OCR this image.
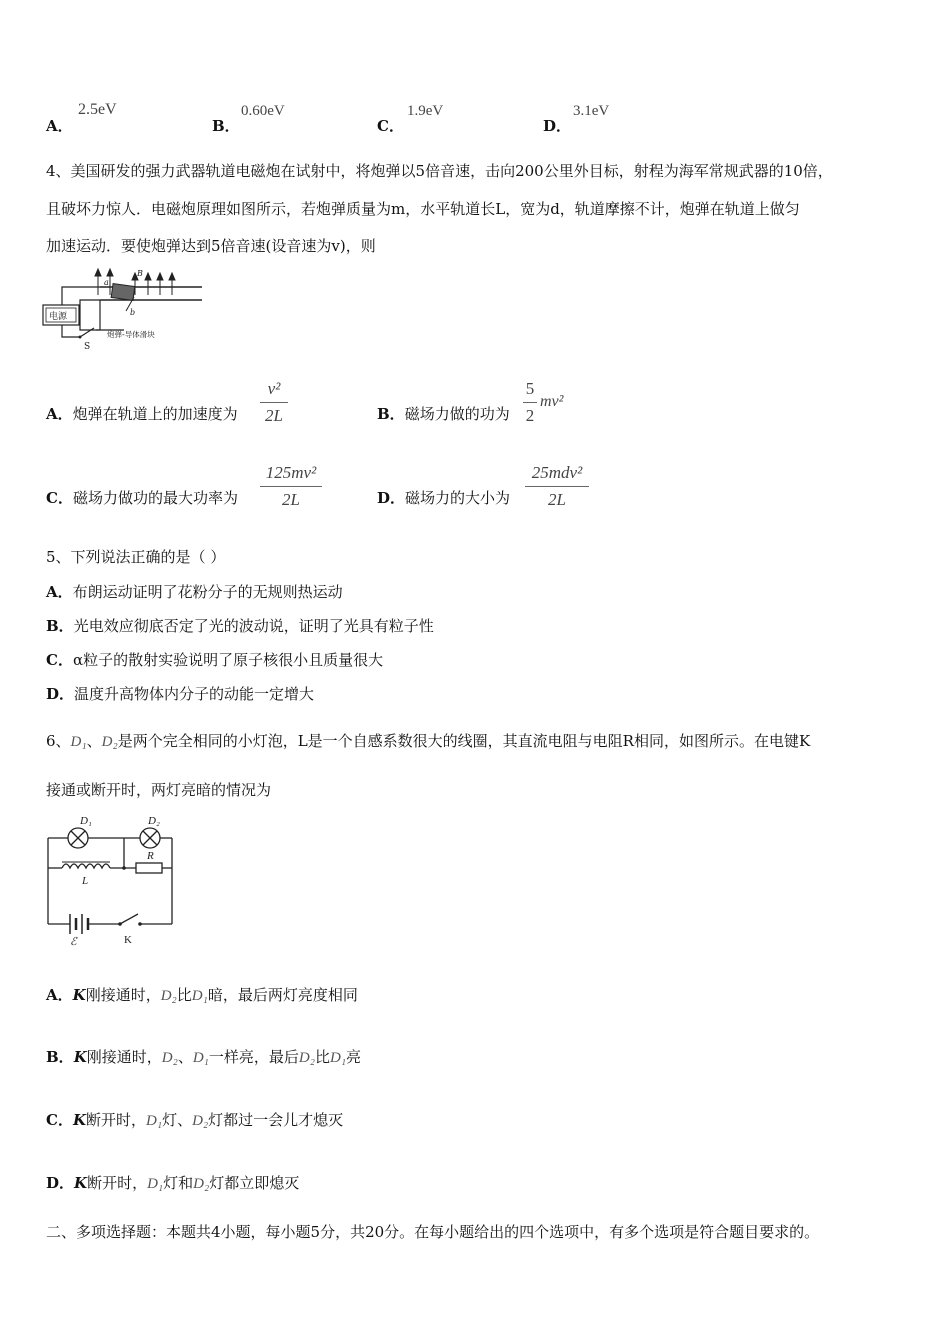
A．
2.5eV
B．
0.60eV
C．
1.9eV
D．
3.1eV
4、美国研发的强力武器轨道电磁炮在试射中，将炮弹以5倍音速，击向200公里外目标，射程为海军常规武器的10倍，
且破坏力惊人．电磁炮原理如图所示，若炮弹质量为m，水平轨道长L，宽为d，轨道摩擦不计，炮弹在轨道上做匀
加速运动．要使炮弹达到5倍音速(设音速为v)，则
电源
S
a
b
B
炮弹-导体滑块
A．炮弹在轨道上的加速度为
v²
2L	B．磁场力做的功为
5
2
mv²
C．磁场力做功的最大功率为
125mv²
2L	D．磁场力的大小为
25mdv²
2L
5、下列说法正确的是（ ）
A．布朗运动证明了花粉分子的无规则热运动
B．光电效应彻底否定了光的波动说，证明了光具有粒子性
C．α粒子的散射实验说明了原子核很小且质量很大
D．温度升高物体内分子的动能一定增大
6、D₁、D₂是两个完全相同的小灯泡，L是一个自感系数很大的线圈，其直流电阻与电阻R相同，如图所示。在电键K
接通或断开时，两灯亮暗的情况为
D₁	D₂
R
L
ℰ	K
A．K刚接通时，D₂比D₁暗，最后两灯亮度相同
B．K刚接通时，D₂、D₁一样亮，最后D₂比D₁亮
C．K断开时，D₁灯、D₂灯都过一会儿才熄灭
D．K断开时，D₁灯和D₂灯都立即熄灭
二、多项选择题：本题共4小题，每小题5分，共20分。在每小题给出的四个选项中，有多个选项是符合题目要求的。
